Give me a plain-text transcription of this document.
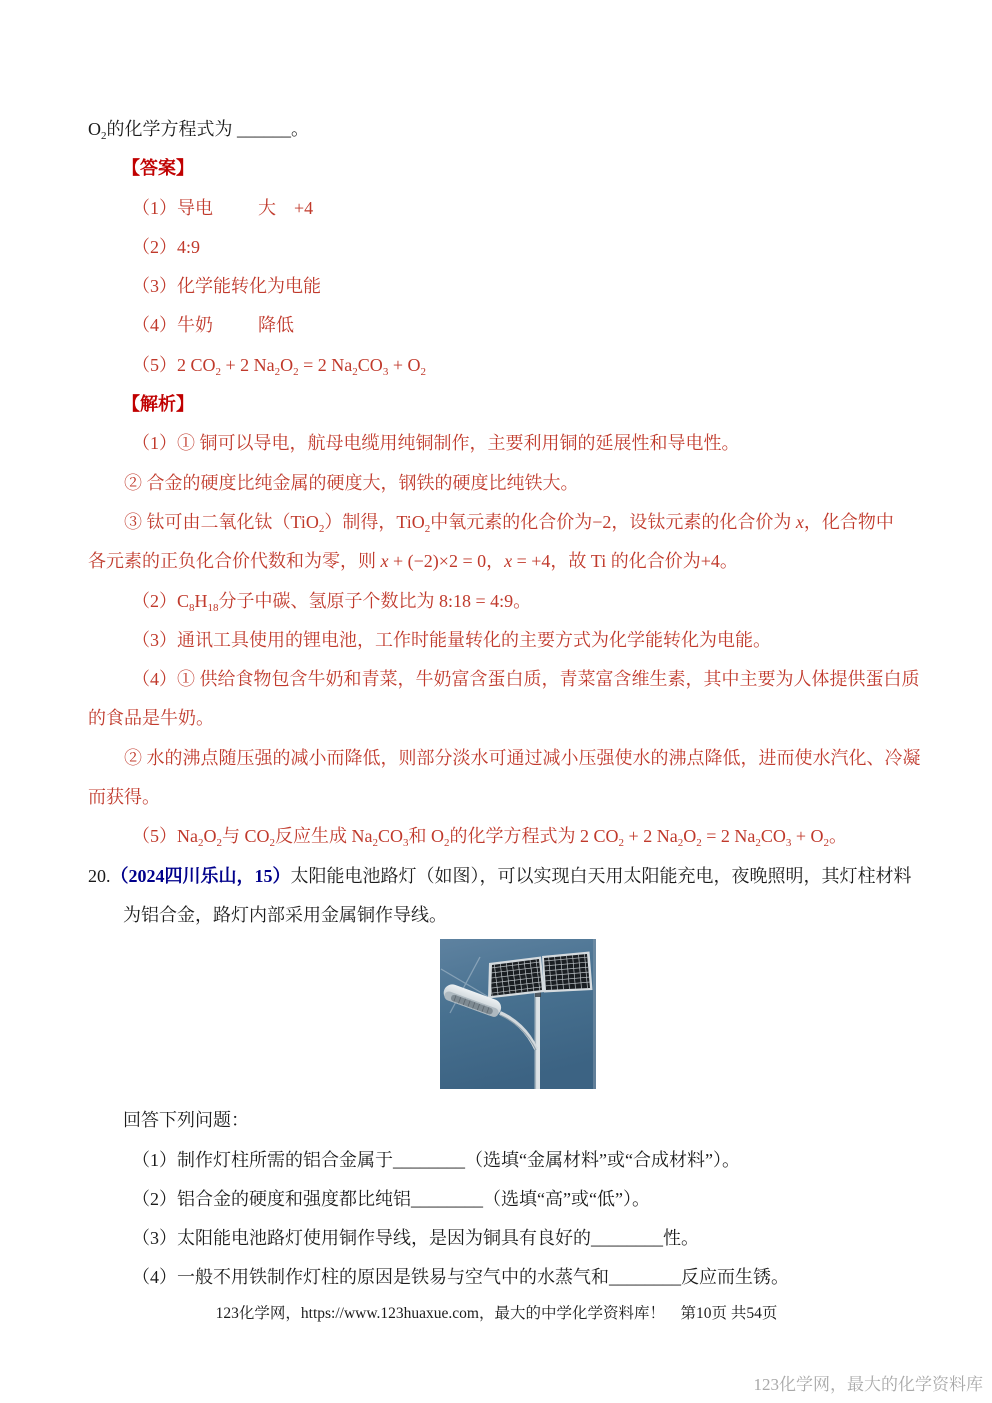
$O_2$的化学方程式为 ______。
【答案】
（1）导电	大 +4
（2）4:9
（3）化学能转化为电能
（4）牛奶	降低
（5）2 $CO_2 + 2$ $Na_2O_2 = 2$ $Na_2CO_3 + O_2$
【解析】
（1）① 铜可以导电，航母电缆用纯铜制作，主要利用铜的延展性和导电性。
② 合金的硬度比纯金属的硬度大，钢铁的硬度比纯铁大。
③ 钛可由二氧化钛（TiO$_2$）制得，TiO$_2$中氧元素的化合价为−2，设钛元素的化合价为 x，化合物中
各元素的正负化合价代数和为零，则 x + (−2)×2 = 0，x = +4，故 Ti 的化合价为+4。
$(2)C_8H_{18}$分子中碳、氢原子个数比为 8:18 = 4:9。
（3）通讯工具使用的锂电池，工作时能量转化的主要方式为化学能转化为电能。
（4）① 供给食物包含牛奶和青菜，牛奶富含蛋白质，青菜富含维生素，其中主要为人体提供蛋白质
的食品是牛奶。
② 水的沸点随压强的减小而降低，则部分淡水可通过减小压强使水的沸点降低，进而使水汽化、冷凝
而获得。
$(5)Na_2O_2$与 $CO_2$反应生成 $Na_2CO_3$和 $O_2$的化学方程式为 2 $CO_2 + 2$ $Na_2O_2 = 2$ $Na_2CO_3 + O_2$。
20.（2024四川乐山，15）太阳能电池路灯（如图），可以实现白天用太阳能充电，夜晚照明，其灯柱材料
为铝合金，路灯内部采用金属铜作导线。
回答下列问题：
（1）制作灯柱所需的铝合金属于________（选填“金属材料”或“合成材料”）。
（2）铝合金的硬度和强度都比纯铝________（选填“高”或“低”）。
（3）太阳能电池路灯使用铜作导线，是因为铜具有良好的________性。
（4）一般不用铁制作灯柱的原因是铁易与空气中的水蒸气和________反应而生锈。
123化学网，https://www.123huaxue.com，最大的中学化学资料库！    第10页 共54页
123化学网，最大的化学资料库
